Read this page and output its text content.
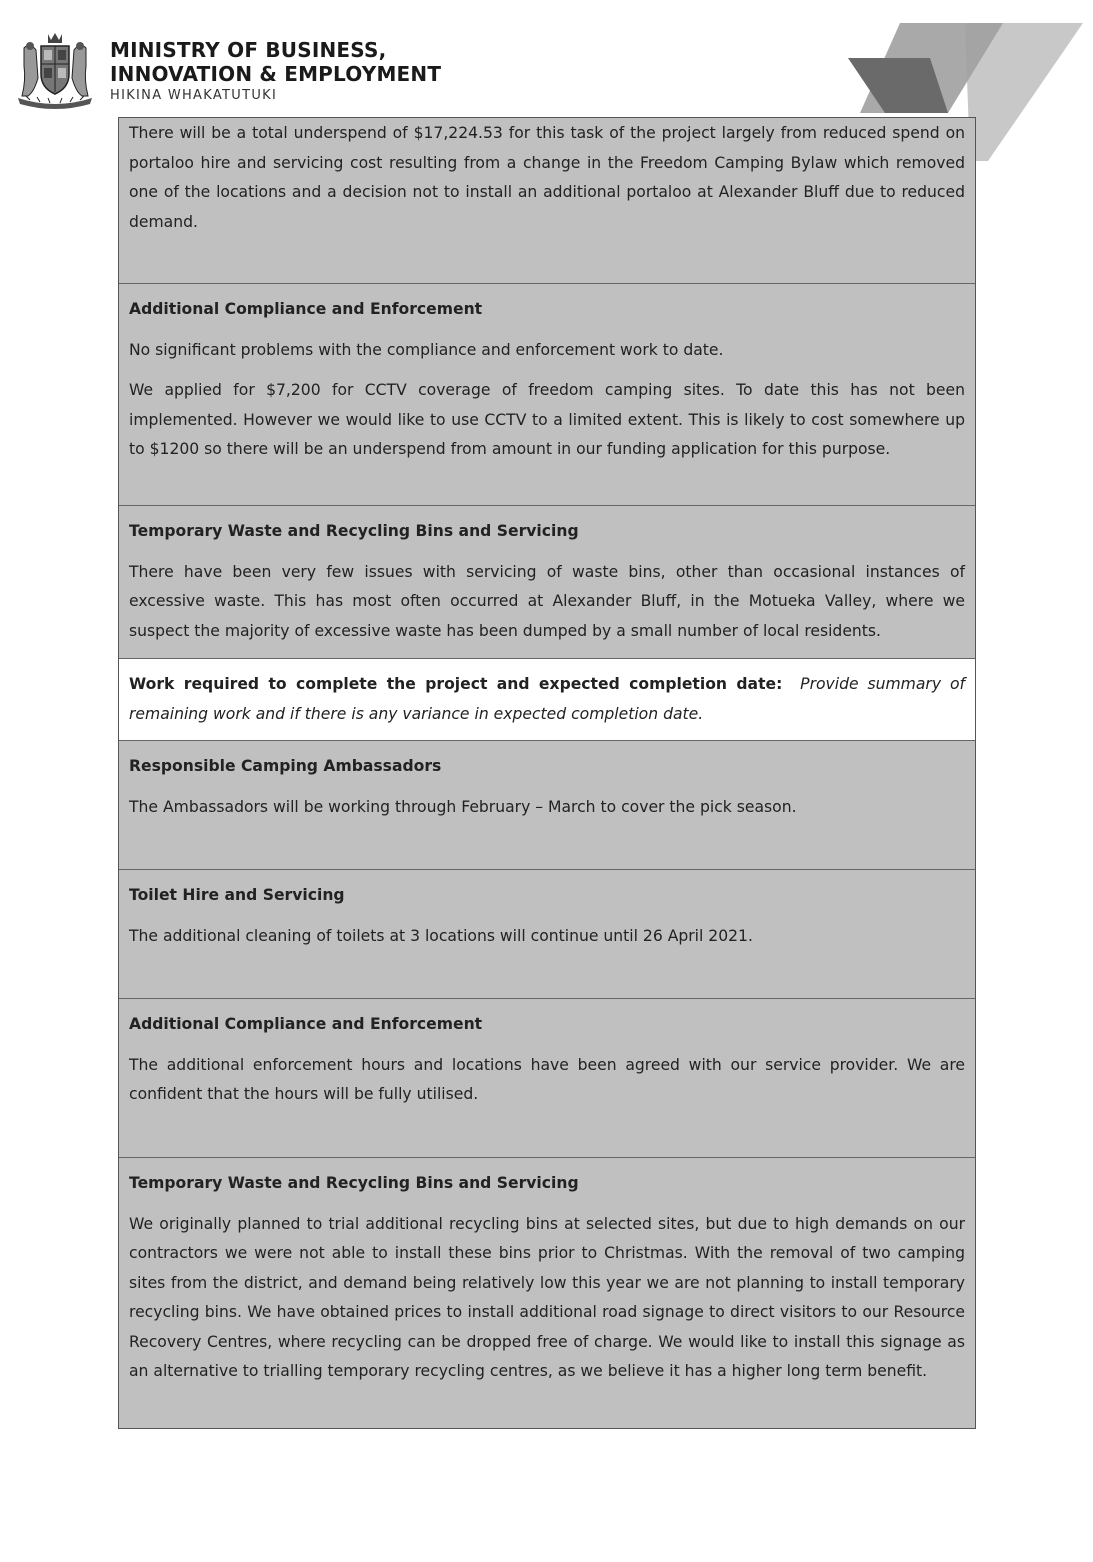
MINISTRY OF BUSINESS,
INNOVATION & EMPLOYMENT
HIKINA WHAKATUTUKI

There will be a total underspend of $17,224.53 for this task of the project largely from reduced spend on portaloo hire and servicing cost resulting from a change in the Freedom Camping Bylaw which removed one of the locations and a decision not to install an additional portaloo at Alexander Bluff due to reduced demand.

Additional Compliance and Enforcement

No significant problems with the compliance and enforcement work to date.

We applied for $7,200 for CCTV coverage of freedom camping sites. To date this has not been implemented. However we would like to use CCTV to a limited extent. This is likely to cost somewhere up to $1200 so there will be an underspend from amount in our funding application for this purpose.

Temporary Waste and Recycling Bins and Servicing

There have been very few issues with servicing of waste bins, other than occasional instances of excessive waste. This has most often occurred at Alexander Bluff, in the Motueka Valley, where we suspect the majority of excessive waste has been dumped by a small number of local residents.

Work required to complete the project and expected completion date: Provide summary of remaining work and if there is any variance in expected completion date.

Responsible Camping Ambassadors

The Ambassadors will be working through February – March to cover the pick season.

Toilet Hire and Servicing

The additional cleaning of toilets at 3 locations will continue until 26 April 2021.

Additional Compliance and Enforcement

The additional enforcement hours and locations have been agreed with our service provider. We are confident that the hours will be fully utilised.

Temporary Waste and Recycling Bins and Servicing

We originally planned to trial additional recycling bins at selected sites, but due to high demands on our contractors we were not able to install these bins prior to Christmas. With the removal of two camping sites from the district, and demand being relatively low this year we are not planning to install temporary recycling bins. We have obtained prices to install additional road signage to direct visitors to our Resource Recovery Centres, where recycling can be dropped free of charge. We would like to install this signage as an alternative to trialling temporary recycling centres, as we believe it has a higher long term benefit.
